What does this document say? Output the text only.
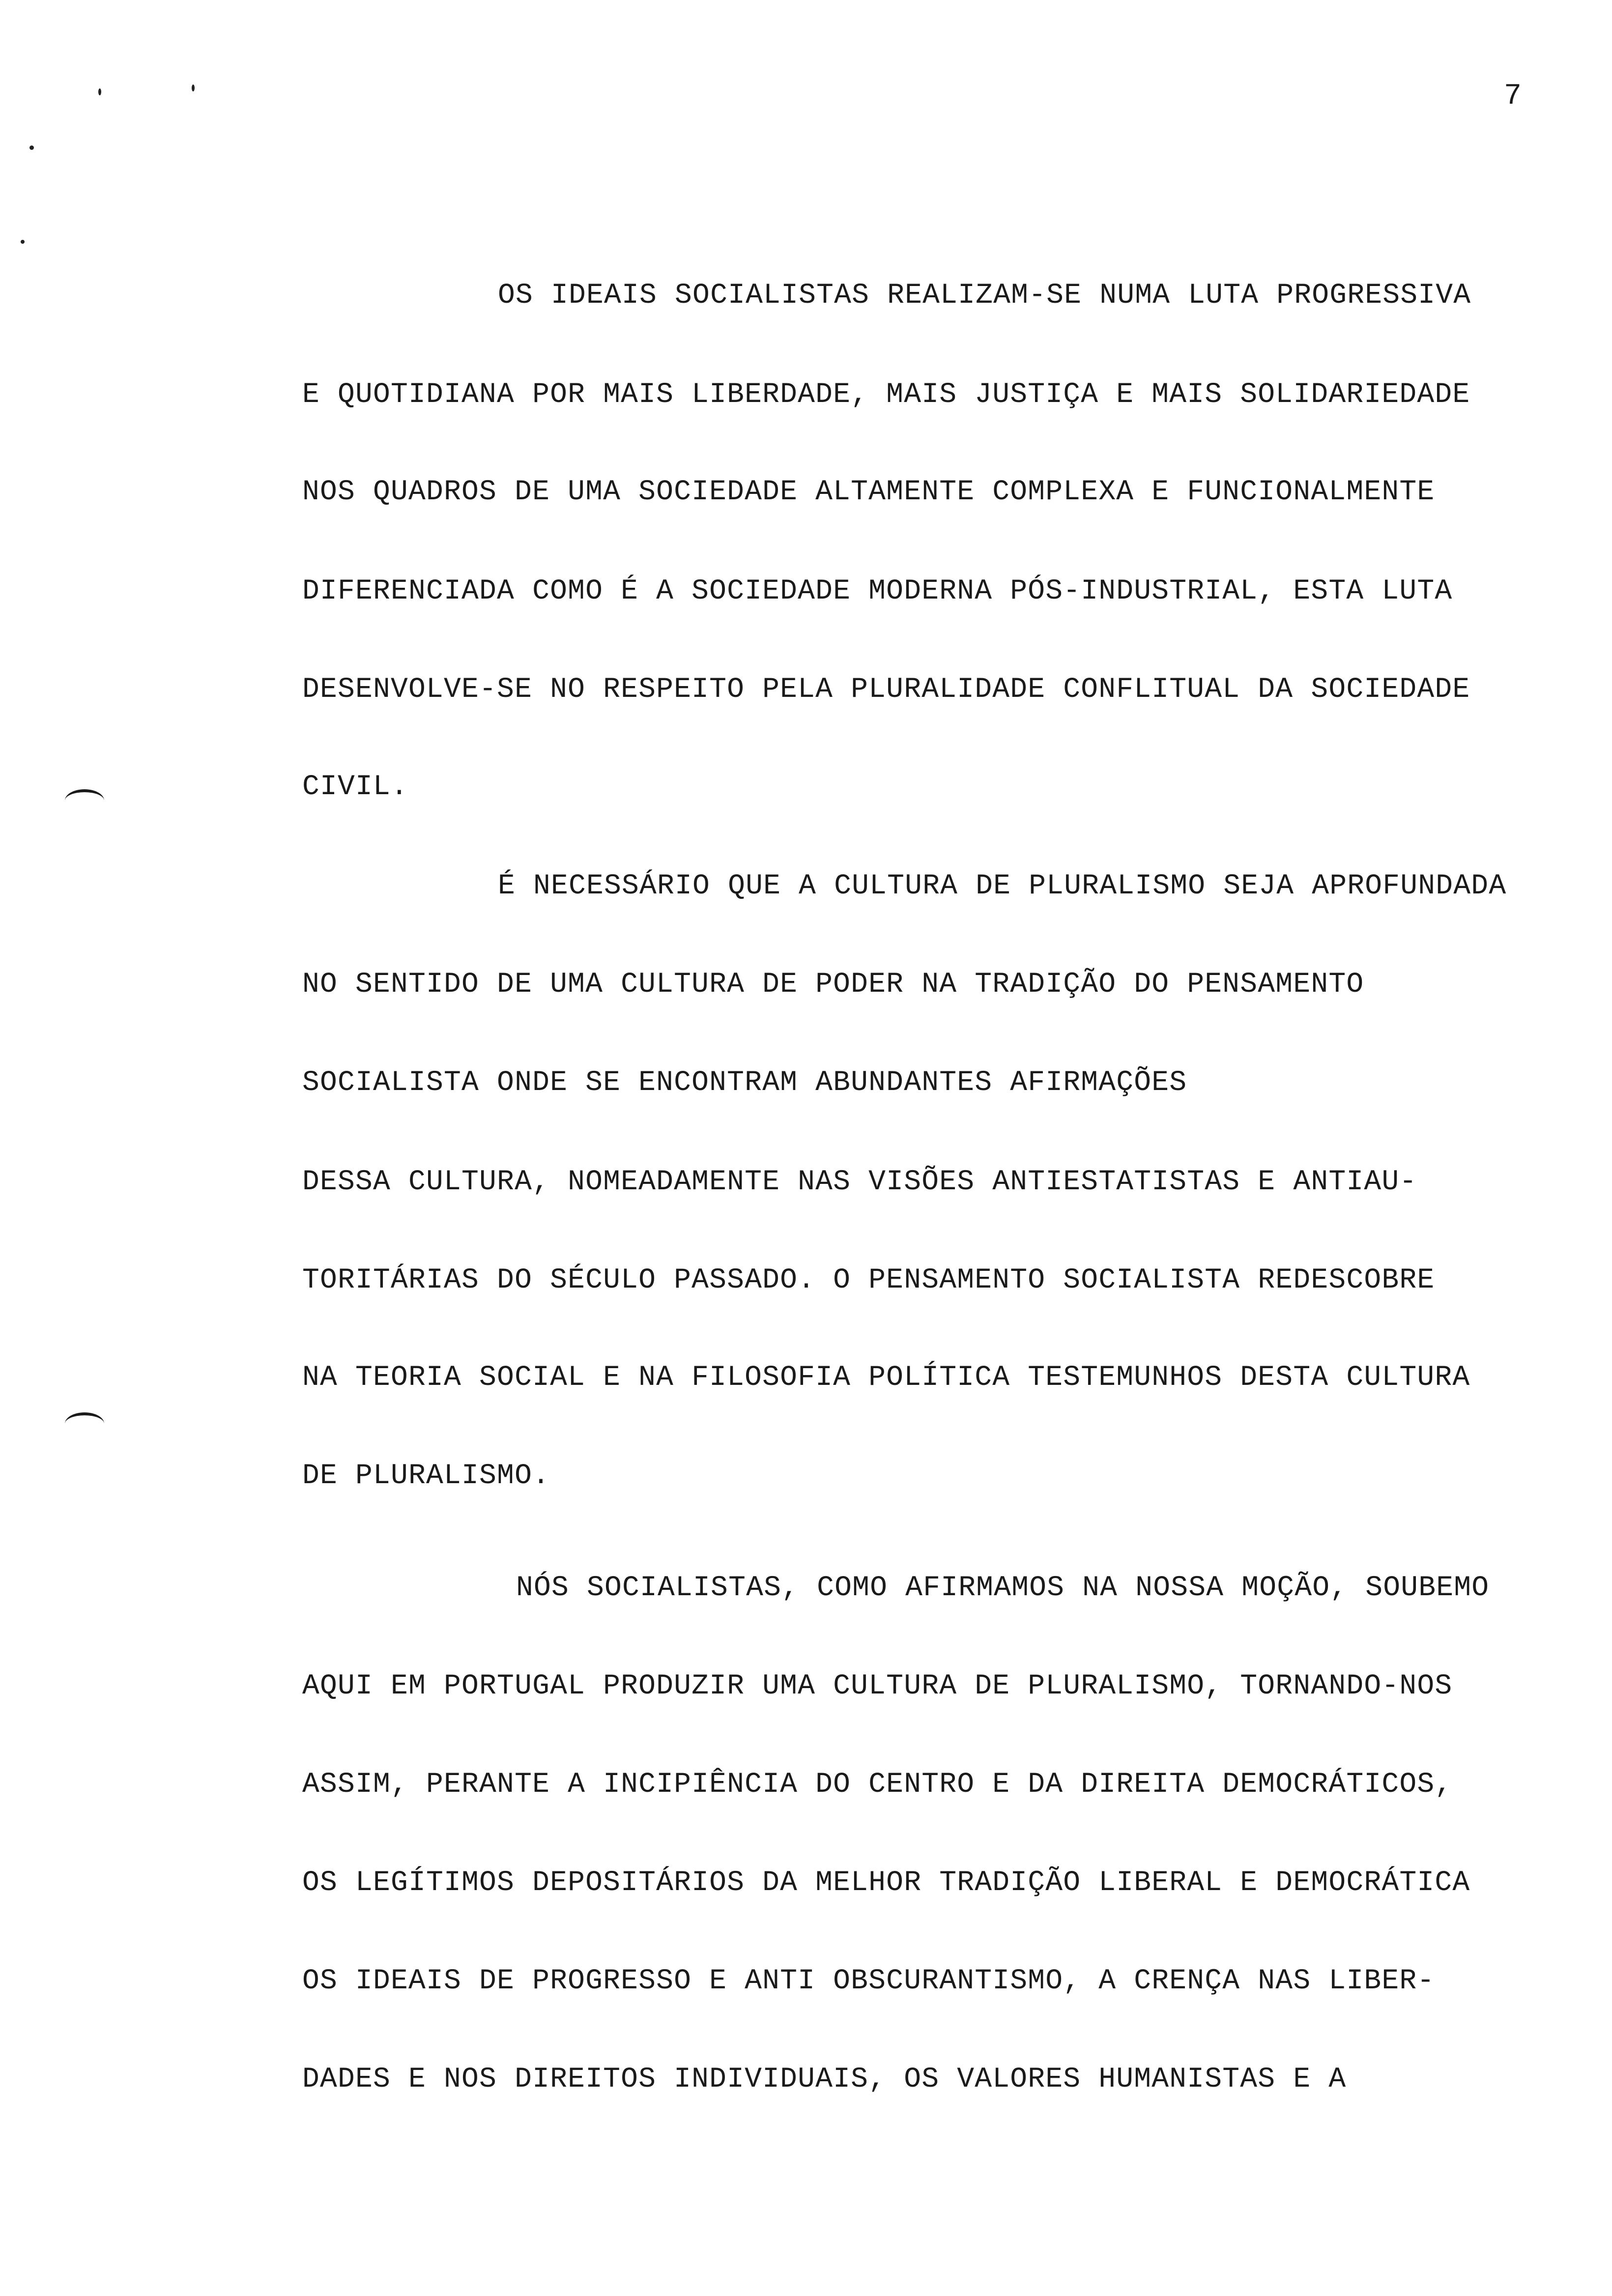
7
OS IDEAIS SOCIALISTAS REALIZAM-SE NUMA LUTA PROGRESSIVA
E QUOTIDIANA POR MAIS LIBERDADE, MAIS JUSTIÇA E MAIS SOLIDARIEDADE
NOS QUADROS DE UMA SOCIEDADE ALTAMENTE COMPLEXA E FUNCIONALMENTE
DIFERENCIADA COMO É A SOCIEDADE MODERNA PÓS-INDUSTRIAL, ESTA LUTA
DESENVOLVE-SE NO RESPEITO PELA PLURALIDADE CONFLITUAL DA SOCIEDADE
CIVIL.
É NECESSÁRIO QUE A CULTURA DE PLURALISMO SEJA APROFUNDADA
NO SENTIDO DE UMA CULTURA DE PODER NA TRADIÇÃO DO PENSAMENTO
SOCIALISTA ONDE SE ENCONTRAM ABUNDANTES AFIRMAÇÕES
DESSA CULTURA, NOMEADAMENTE NAS VISÕES ANTIESTATISTAS E ANTIAU-
TORITÁRIAS DO SÉCULO PASSADO. O PENSAMENTO SOCIALISTA REDESCOBRE
NA TEORIA SOCIAL E NA FILOSOFIA POLÍTICA TESTEMUNHOS DESTA CULTURA
DE PLURALISMO.
NÓS SOCIALISTAS, COMO AFIRMAMOS NA NOSSA MOÇÃO, SOUBEMO
AQUI EM PORTUGAL PRODUZIR UMA CULTURA DE PLURALISMO, TORNANDO-NOS
ASSIM, PERANTE A INCIPIÊNCIA DO CENTRO E DA DIREITA DEMOCRÁTICOS,
OS LEGÍTIMOS DEPOSITÁRIOS DA MELHOR TRADIÇÃO LIBERAL E DEMOCRÁTICA
OS IDEAIS DE PROGRESSO E ANTI OBSCURANTISMO, A CRENÇA NAS LIBER-
DADES E NOS DIREITOS INDIVIDUAIS, OS VALORES HUMANISTAS E A
